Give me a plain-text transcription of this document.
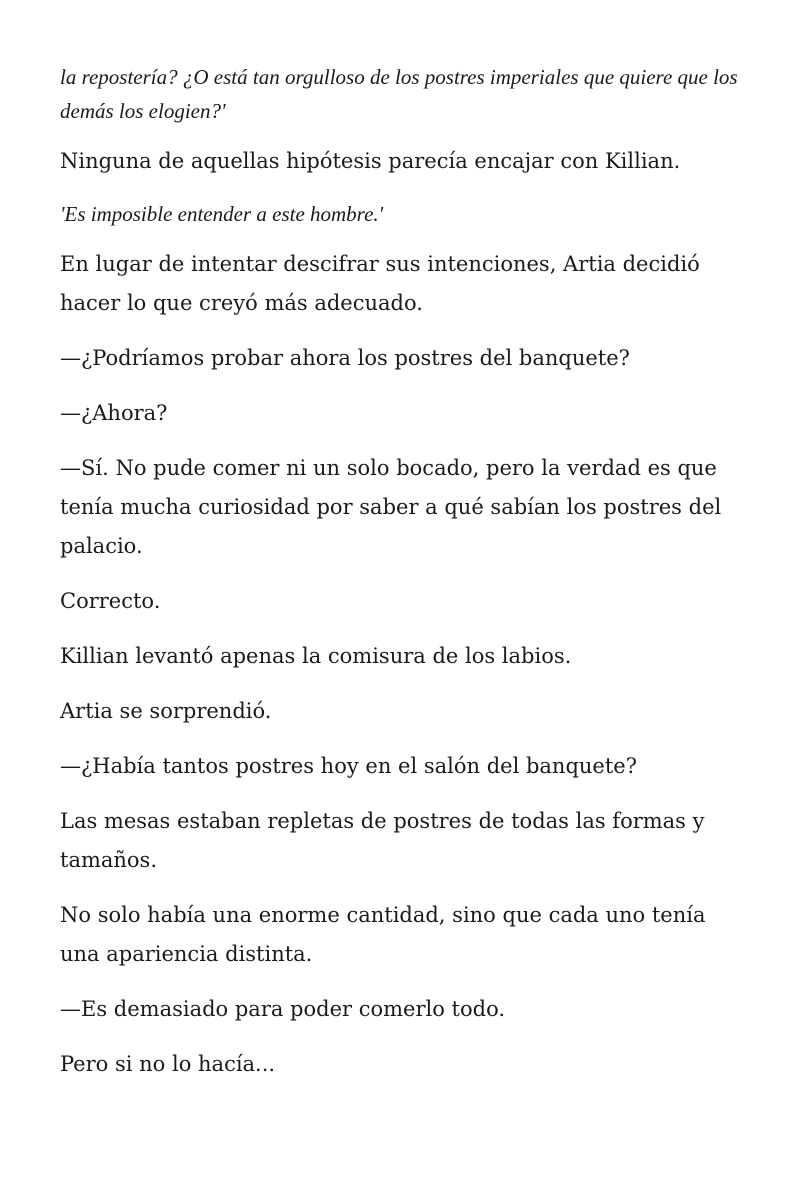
la repostería? ¿O está tan orgulloso de los postres imperiales que quiere que los demás los elogien?'

Ninguna de aquellas hipótesis parecía encajar con Killian.

'Es imposible entender a este hombre.'

En lugar de intentar descifrar sus intenciones, Artia decidió hacer lo que creyó más adecuado.

—¿Podríamos probar ahora los postres del banquete?

—¿Ahora?

—Sí. No pude comer ni un solo bocado, pero la verdad es que tenía mucha curiosidad por saber a qué sabían los postres del palacio.

Correcto.

Killian levantó apenas la comisura de los labios.

Artia se sorprendió.

—¿Había tantos postres hoy en el salón del banquete?

Las mesas estaban repletas de postres de todas las formas y tamaños.

No solo había una enorme cantidad, sino que cada uno tenía una apariencia distinta.

—Es demasiado para poder comerlo todo.

Pero si no lo hacía...
